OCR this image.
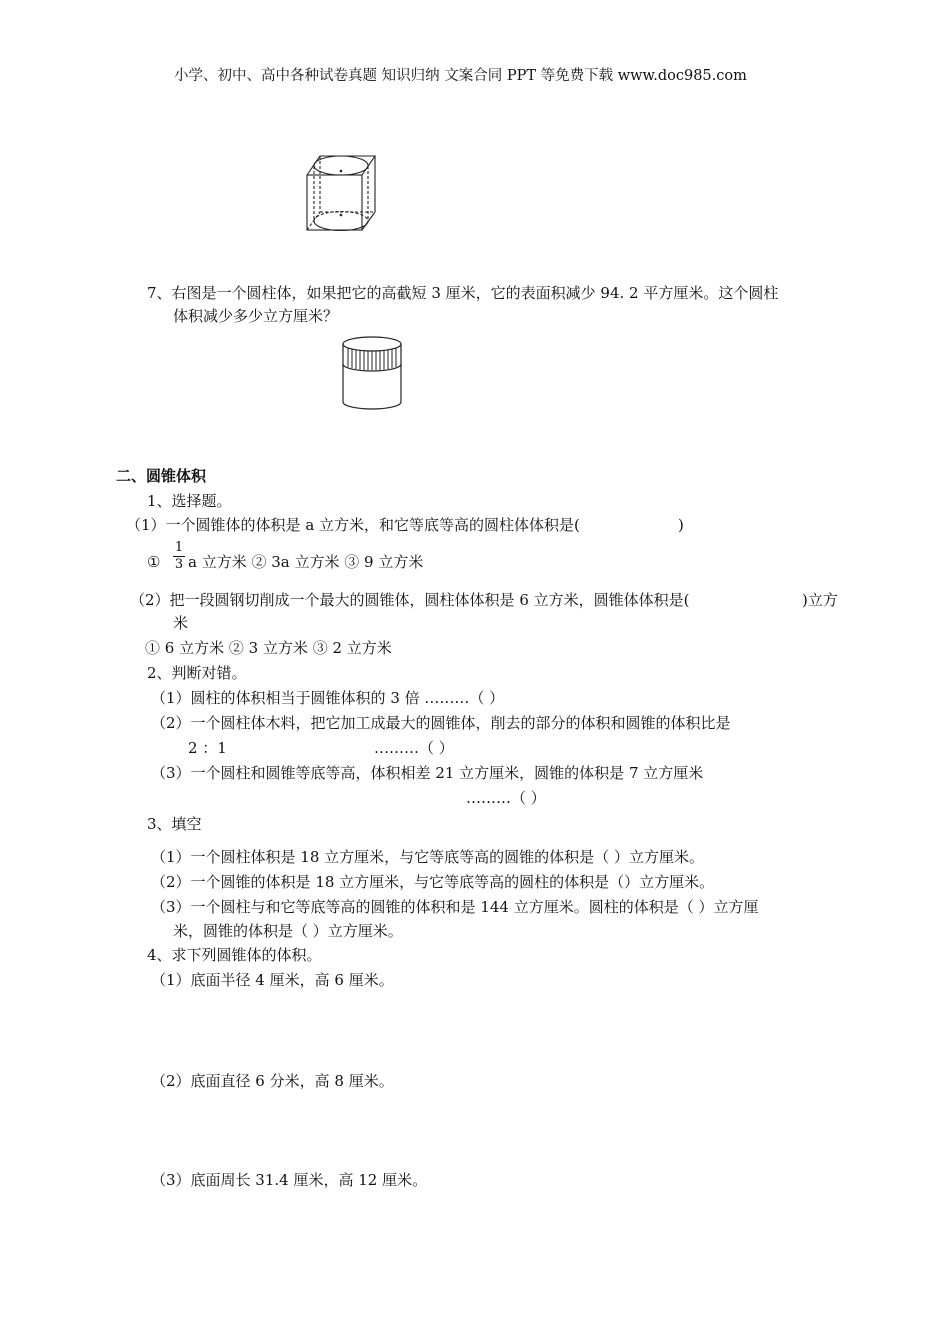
小学、初中、高中各种试卷真题 知识归纳 文案合同 PPT 等免费下载 www.doc985.com
7、右图是一个圆柱体，如果把它的高截短 3 厘米，它的表面积减少 94. 2 平方厘米。这个圆柱
体积减少多少立方厘米？
二、圆锥体积
1、选择题。
（1）一个圆锥体的体积是 a 立方米，和它等底等高的圆柱体体积是(	)
①
1
3 a 立方米 ② 3a 立方米 ③ 9 立方米
（2）把一段圆钢切削成一个最大的圆锥体，圆柱体体积是 6 立方米，圆锥体体积是(	)立方
米
① 6 立方米 ② 3 立方米 ③ 2 立方米
2、判断对错。
（1）圆柱的体积相当于圆锥体积的 3 倍 ………（ ）
（2）一个圆柱体木料，把它加工成最大的圆锥体，削去的部分的体积和圆锥的体积比是
2 ：1	………（ ）
（3）一个圆柱和圆锥等底等高，体积相差 21 立方厘米，圆锥的体积是 7 立方厘米
………（ ）
3、填空
（1）一个圆柱体积是 18 立方厘米，与它等底等高的圆锥的体积是（ ）立方厘米。
（2）一个圆锥的体积是 18 立方厘米，与它等底等高的圆柱的体积是（）立方厘米。
（3）一个圆柱与和它等底等高的圆锥的体积和是 144 立方厘米。圆柱的体积是（ ）立方厘
米，圆锥的体积是（ ）立方厘米。
4、求下列圆锥体的体积。
（1）底面半径 4 厘米，高 6 厘米。
（2）底面直径 6 分米，高 8 厘米。
（3）底面周长 31.4 厘米，高 12 厘米。
